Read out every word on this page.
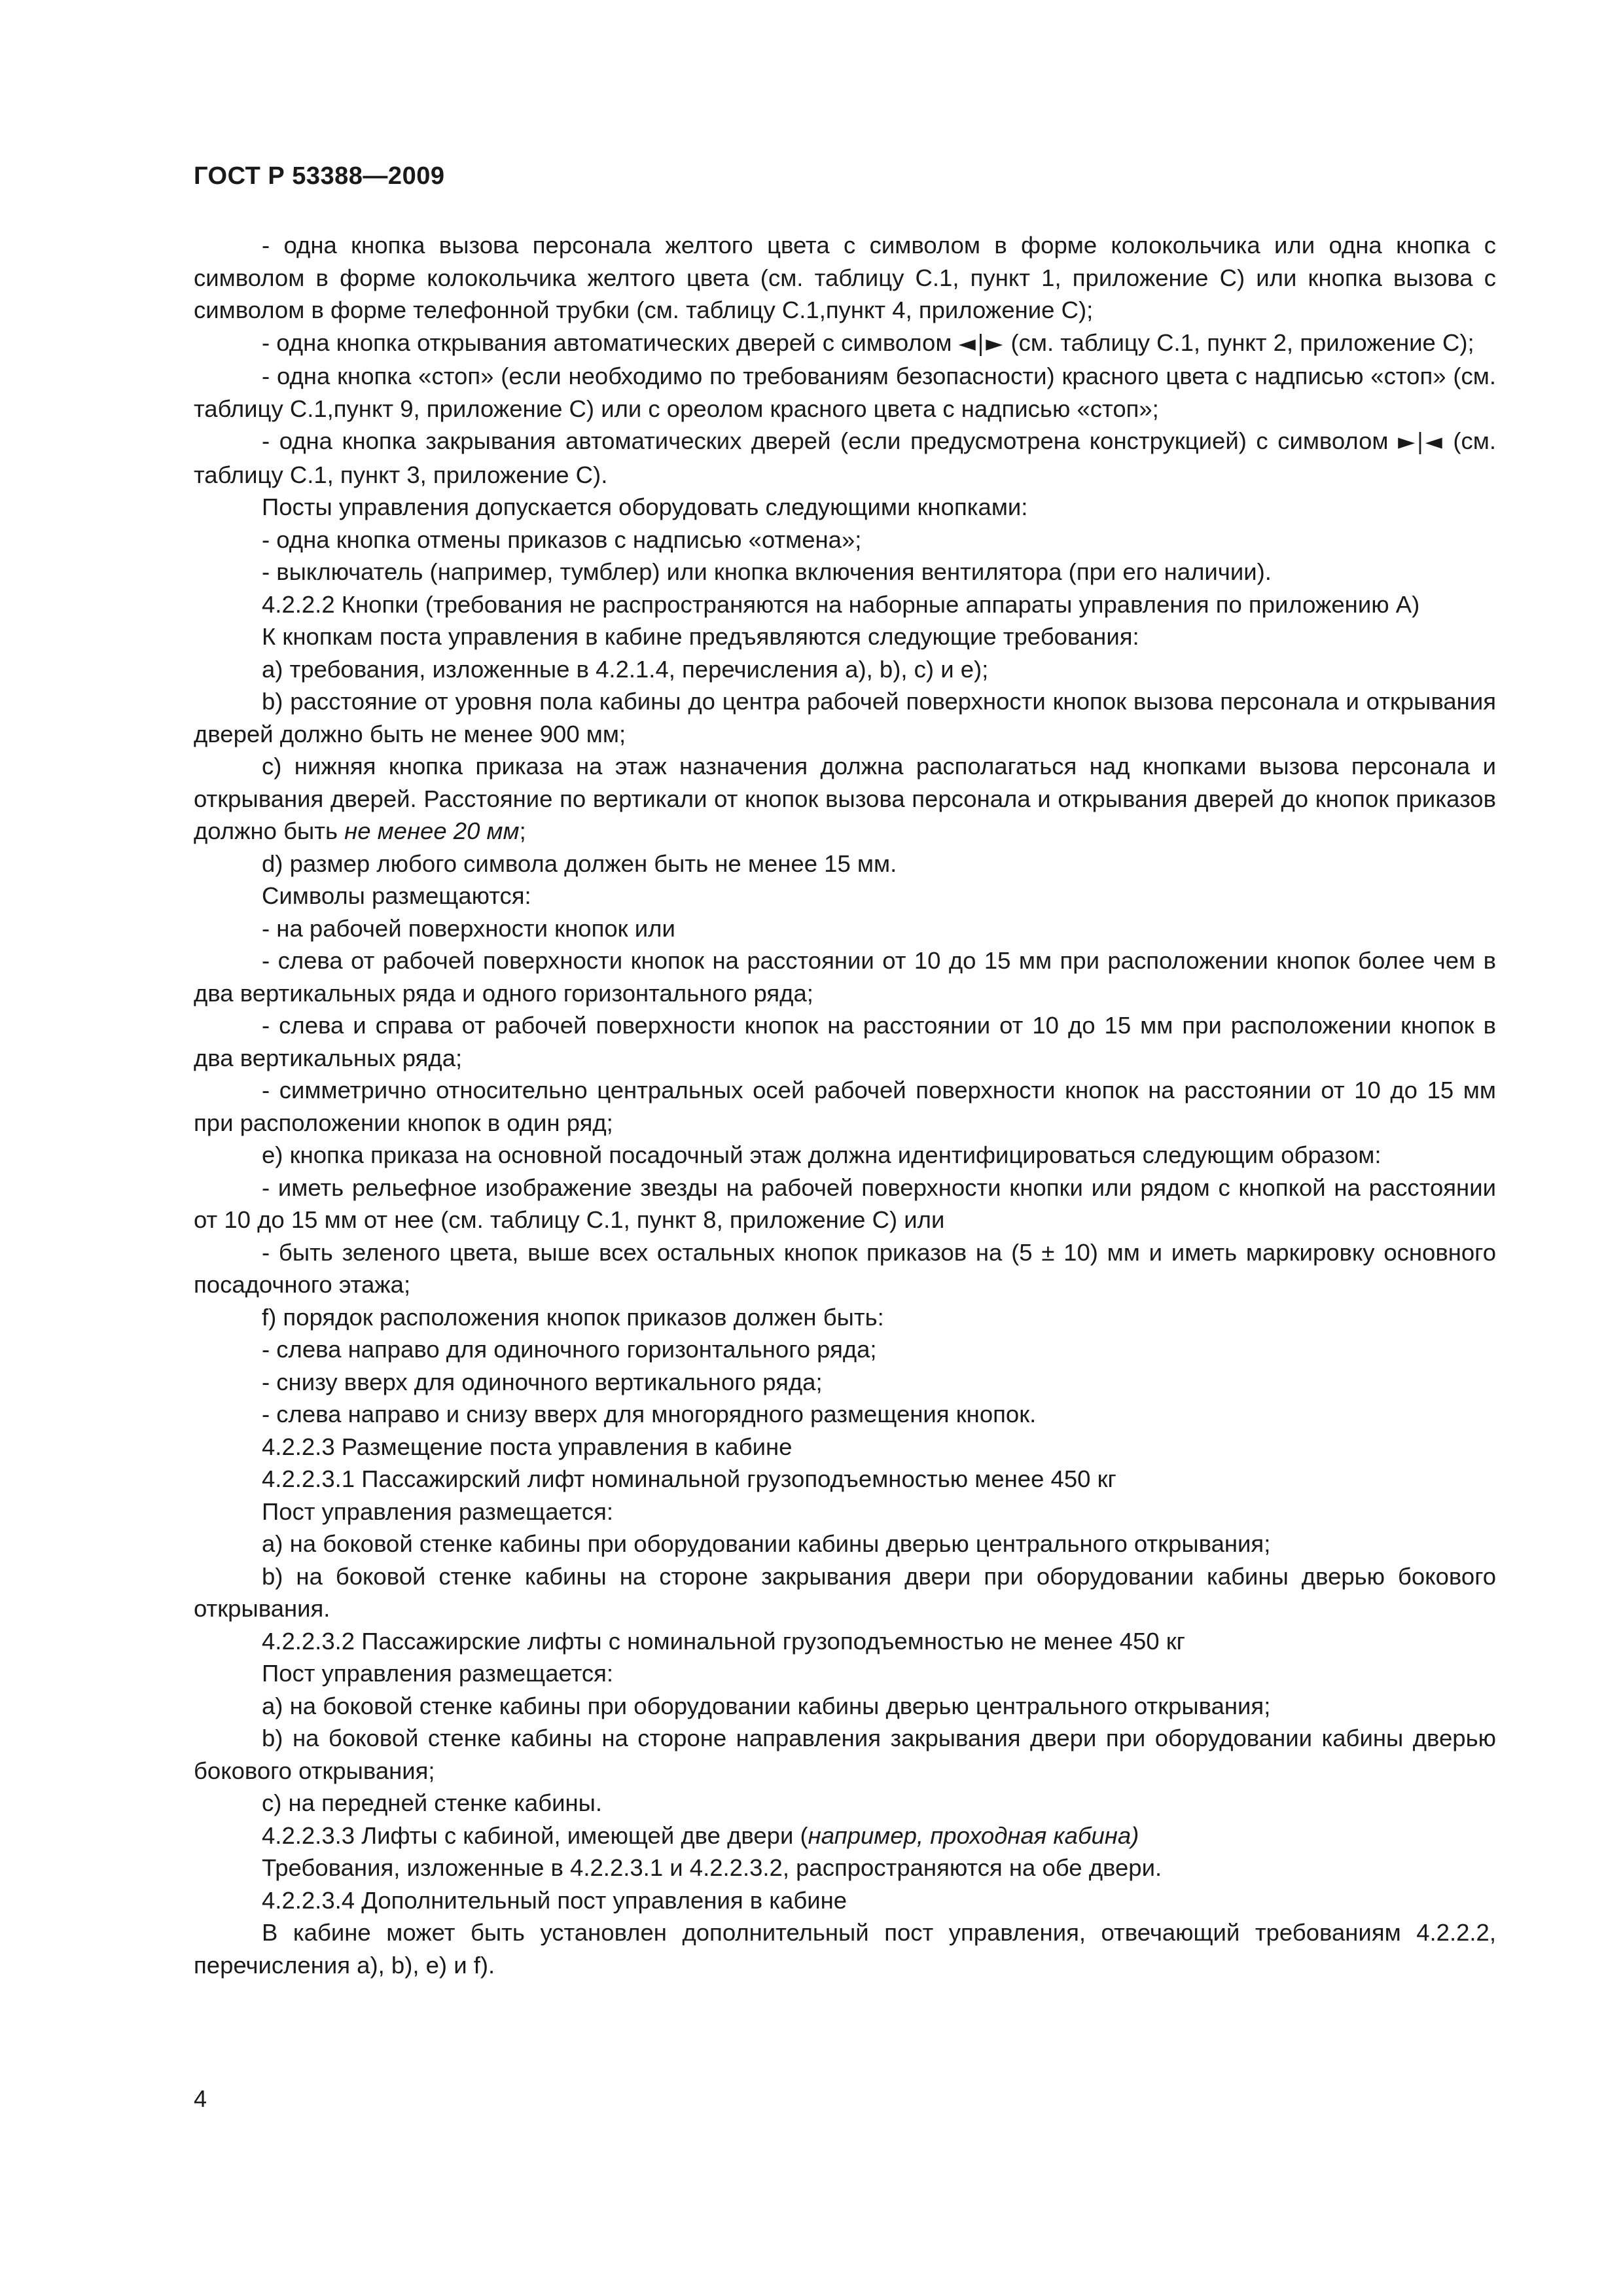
ГОСТ Р 53388—2009

- одна кнопка вызова персонала желтого цвета с символом в форме колокольчика или одна кнопка с символом в форме колокольчика желтого цвета (см. таблицу С.1, пункт 1, приложение С) или кнопка вызова с символом в форме телефонной трубки (см. таблицу С.1,пункт 4, приложение С);

- одна кнопка открывания автоматических дверей с символом ◄|► (см. таблицу С.1, пункт 2, приложение С);

- одна кнопка «стоп» (если необходимо по требованиям безопасности) красного цвета с надписью «стоп» (см. таблицу С.1,пункт 9, приложение С) или с ореолом красного цвета с надписью «стоп»;

- одна кнопка закрывания автоматических дверей (если предусмотрена конструкцией) с символом ►|◄ (см. таблицу С.1, пункт 3, приложение С).

Посты управления допускается оборудовать следующими кнопками:

- одна кнопка отмены приказов с надписью «отмена»;

- выключатель (например, тумблер) или кнопка включения вентилятора (при его наличии).

4.2.2.2 Кнопки (требования не распространяются на наборные аппараты управления по приложению А)

К кнопкам поста управления в кабине предъявляются следующие требования:

а) требования, изложенные в 4.2.1.4, перечисления а), b), с) и е);

b) расстояние от уровня пола кабины до центра рабочей поверхности кнопок вызова персонала и открывания дверей должно быть не менее 900 мм;

с) нижняя кнопка приказа на этаж назначения должна располагаться над кнопками вызова персонала и открывания дверей. Расстояние по вертикали от кнопок вызова персонала и открывания дверей до кнопок приказов должно быть не менее 20 мм;

d) размер любого символа должен быть не менее 15 мм.

Символы размещаются:

- на рабочей поверхности кнопок или

- слева от рабочей поверхности кнопок на расстоянии от 10 до 15 мм при расположении кнопок более чем в два вертикальных ряда и одного горизонтального ряда;

- слева и справа от рабочей поверхности кнопок на расстоянии от 10 до 15 мм при расположении кнопок в два вертикальных ряда;

- симметрично относительно центральных осей рабочей поверхности кнопок на расстоянии от 10 до 15 мм при расположении кнопок в один ряд;

е) кнопка приказа на основной посадочный этаж должна идентифицироваться следующим образом:

- иметь рельефное изображение звезды на рабочей поверхности кнопки или рядом с кнопкой на расстоянии от 10 до 15 мм от нее (см. таблицу С.1, пункт 8, приложение С) или

- быть зеленого цвета, выше всех остальных кнопок приказов на (5 ± 10) мм и иметь маркировку основного посадочного этажа;

f) порядок расположения кнопок приказов должен быть:

- слева направо для одиночного горизонтального ряда;

- снизу вверх для одиночного вертикального ряда;

- слева направо и снизу вверх для многорядного размещения кнопок.

4.2.2.3 Размещение поста управления в кабине

4.2.2.3.1 Пассажирский лифт номинальной грузоподъемностью менее 450 кг

Пост управления размещается:

а) на боковой стенке кабины при оборудовании кабины дверью центрального открывания;

b) на боковой стенке кабины на стороне закрывания двери при оборудовании кабины дверью бокового открывания.

4.2.2.3.2 Пассажирские лифты с номинальной грузоподъемностью не менее 450 кг

Пост управления размещается:

а) на боковой стенке кабины при оборудовании кабины дверью центрального открывания;

b) на боковой стенке кабины на стороне направления закрывания двери при оборудовании кабины дверью бокового открывания;

с) на передней стенке кабины.

4.2.2.3.3 Лифты с кабиной, имеющей две двери (например, проходная кабина)

Требования, изложенные в 4.2.2.3.1 и 4.2.2.3.2, распространяются на обе двери.

4.2.2.3.4 Дополнительный пост управления в кабине

В кабине может быть установлен дополнительный пост управления, отвечающий требованиям 4.2.2.2, перечисления а), b), е) и f).

4
